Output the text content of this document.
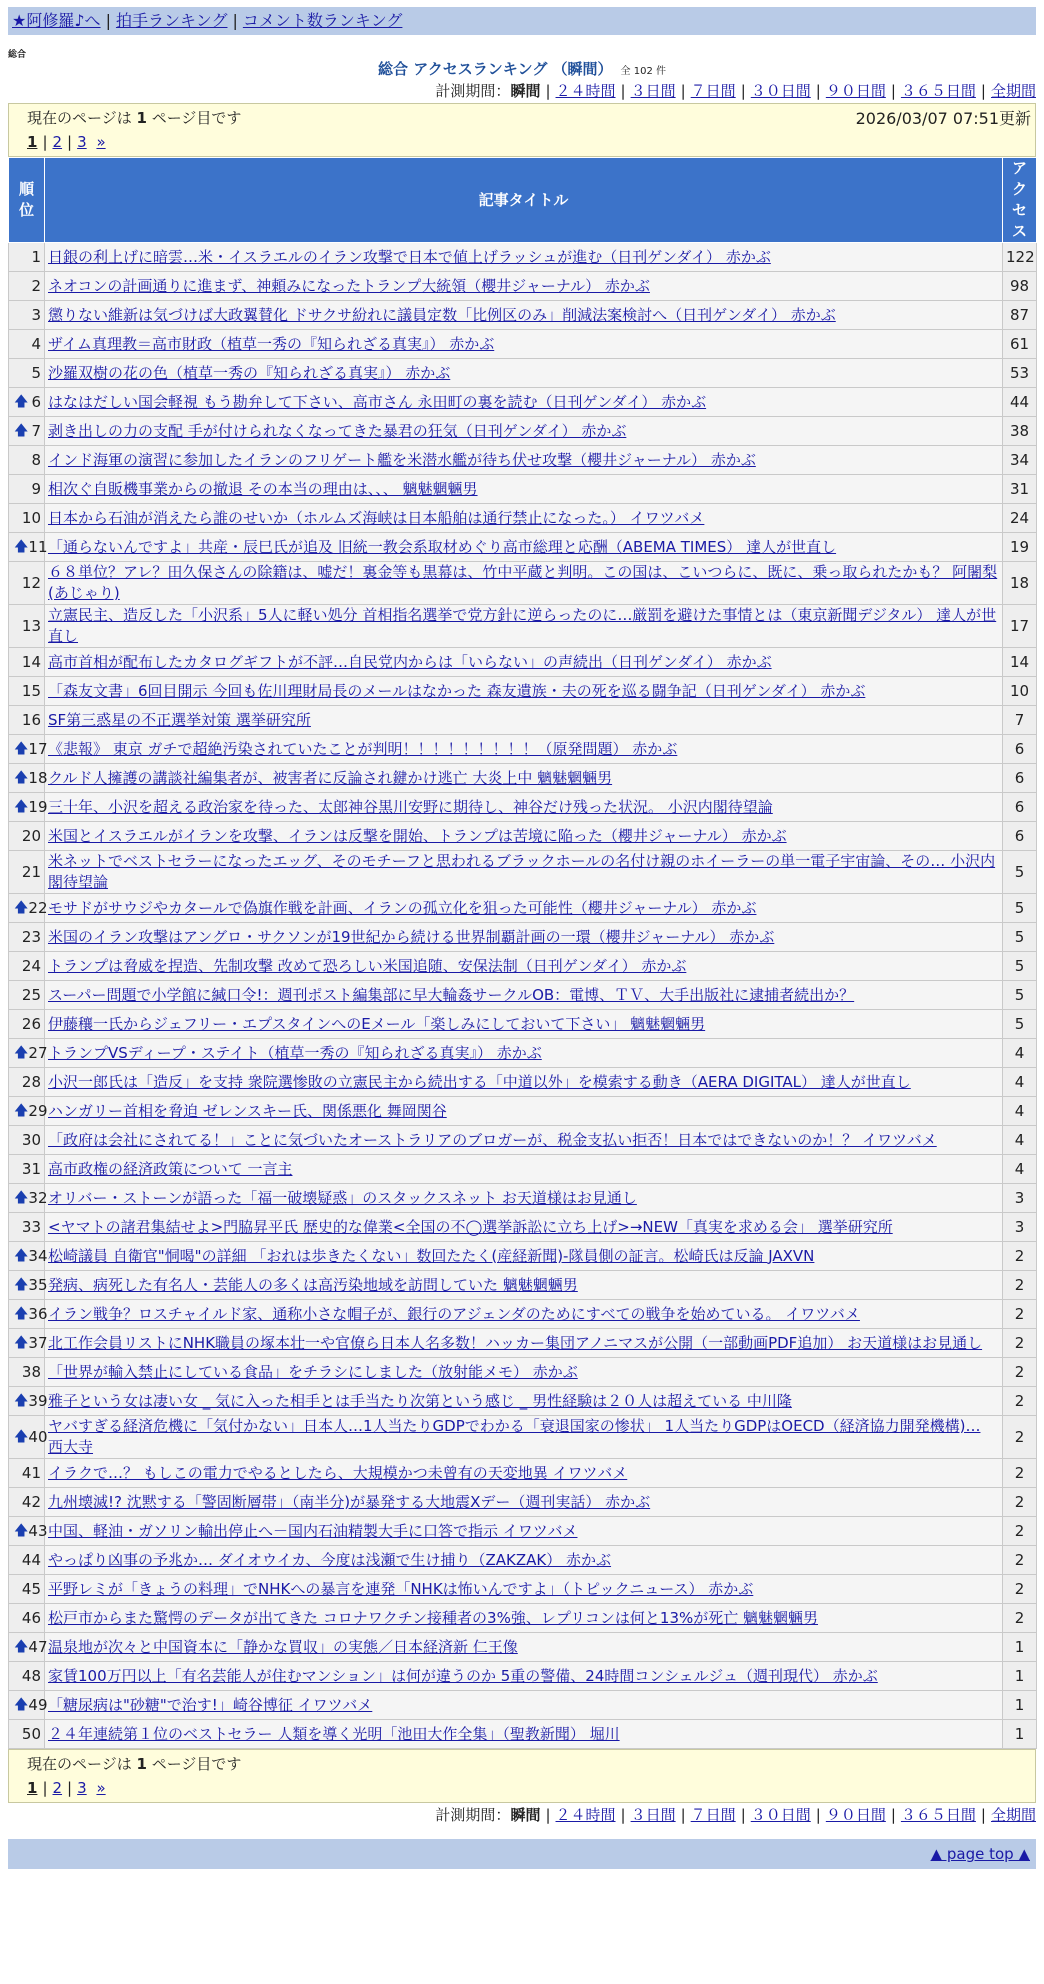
★阿修羅♪へ | 拍手ランキング | コメント数ランキング
総合
総合 アクセスランキング （瞬間） 全 102 件
計測期間：瞬間 | ２４時間 | ３日間 | ７日間 | ３０日間 | ９０日間 | ３６５日間 | 全期間
現在のページは 1 ページ目です	2026/03/07 07:51更新
1 | 2 | 3 »
順位	記事タイトル	アクセス
1	日銀の利上げに暗雲…米・イスラエルのイラン攻撃で日本で値上げラッシュが進む（日刊ゲンダイ） 赤かぶ	122
2	ネオコンの計画通りに進まず、神頼みになったトランプ大統領（櫻井ジャーナル） 赤かぶ	98
3	懲りない維新は気づけば大政翼賛化 ドサクサ紛れに議員定数「比例区のみ」削減法案検討へ（日刊ゲンダイ） 赤かぶ	87
4	ザイム真理教＝高市財政（植草一秀の『知られざる真実』） 赤かぶ	61
5	沙羅双樹の花の色（植草一秀の『知られざる真実』） 赤かぶ	53

🡅 6	はなはだしい国会軽視 もう勘弁して下さい、高市さん 永田町の裏を読む（日刊ゲンダイ） 赤かぶ	44

🡅 7	剥き出しの力の支配 手が付けられなくなってきた暴君の狂気（日刊ゲンダイ） 赤かぶ	38
8	インド海軍の演習に参加したイランのフリゲート艦を米潜水艦が待ち伏せ攻撃（櫻井ジャーナル） 赤かぶ	34
9	相次ぐ自販機事業からの撤退 その本当の理由は、、、 魑魅魍魎男	31
10	日本から石油が消えたら誰のせいか（ホルムズ海峡は日本船舶は通行禁止になった。） イワツバメ	24

🡅 11	「通らないんですよ」共産・辰巳氏が追及 旧統一教会系取材めぐり高市総理と応酬（ABEMA TIMES） 達人が世直し	19
12	６８単位？アレ？田久保さんの除籍は、嘘だ！裏金等も黒幕は、竹中平蔵と判明。この国は、こいつらに、既に、乗っ取られたかも？ 阿闍梨(あじゃり)	18
13	立憲民主、造反した「小沢系」5人に軽い処分 首相指名選挙で党方針に逆らったのに…厳罰を避けた事情とは（東京新聞デジタル） 達人が世直し	17
14	高市首相が配布したカタログギフトが不評…自民党内からは「いらない」の声続出（日刊ゲンダイ） 赤かぶ	14
15	「森友文書」6回目開示 今回も佐川理財局長のメールはなかった 森友遺族・夫の死を巡る闘争記（日刊ゲンダイ） 赤かぶ	10
16	SF第三惑星の不正選挙対策 選挙研究所	7

🡅 17	《悲報》 東京 ガチで超絶汚染されていたことが判明！！！！！！！！！（原発問題） 赤かぶ	6

🡅 18	クルド人擁護の講談社編集者が、被害者に反論され鍵かけ逃亡 大炎上中 魑魅魍魎男	6

🡅 19	三十年、小沢を超える政治家を待った、太郎神谷黒川安野に期待し、神谷だけ残った状況。 小沢内閣待望論	6
20	米国とイスラエルがイランを攻撃、イランは反撃を開始、トランプは苦境に陥った（櫻井ジャーナル） 赤かぶ	6
21	米ネットでベストセラーになったエッグ、そのモチーフと思われるブラックホールの名付け親のホイーラーの単一電子宇宙論、その… 小沢内閣待望論	5

🡅 22	モサドがサウジやカタールで偽旗作戦を計画、イランの孤立化を狙った可能性（櫻井ジャーナル） 赤かぶ	5
23	米国のイラン攻撃はアングロ・サクソンが19世紀から続ける世界制覇計画の一環（櫻井ジャーナル） 赤かぶ	5
24	トランプは脅威を捏造、先制攻撃 改めて恐ろしい米国追随、安保法制（日刊ゲンダイ） 赤かぶ	5
25	スーパー問題で小学館に緘口令!：週刊ポスト編集部に早大輪姦サークルOB：電博、ＴＶ、大手出版社に逮捕者続出か？	5
26	伊藤穰一氏からジェフリー・エプスタインへのEメール「楽しみにしておいて下さい」 魑魅魍魎男	5

🡅 27	トランプVSディープ・ステイト（植草一秀の『知られざる真実』） 赤かぶ	4
28	小沢一郎氏は「造反」を支持 衆院選惨敗の立憲民主から続出する「中道以外」を模索する動き（AERA DIGITAL） 達人が世直し	4

🡅 29	ハンガリー首相を脅迫 ゼレンスキー氏、関係悪化 舞岡関谷	4
30	「政府は会社にされてる！」ことに気づいたオーストラリアのブロガーが、税金支払い拒否！日本ではできないのか！？ イワツバメ	4
31	高市政権の経済政策について 一言主	4

🡅 32	オリバー・ストーンが語った「福一破壊疑惑」のスタックスネット お天道様はお見通し	3
33	<ヤマトの諸君集結せよ>門脇昇平氏 歴史的な偉業<全国の不◯選挙訴訟に立ち上げ>→NEW「真実を求める会」 選挙研究所	3

🡅 34	松崎議員 自衛官"恫喝"の詳細 「おれは歩きたくない」数回たたく(産経新聞)-隊員側の証言。松崎氏は反論 JAXVN	2

🡅 35	発病、病死した有名人・芸能人の多くは高汚染地域を訪問していた 魑魅魍魎男	2

🡅 36	イラン戦争？ロスチャイルド家、通称小さな帽子が、銀行のアジェンダのためにすべての戦争を始めている。 イワツバメ	2

🡅 37	北工作会員リストにNHK職員の塚本壮一や官僚ら日本人名多数！ハッカー集団アノニマスが公開（一部動画PDF追加） お天道様はお見通し	2
38	「世界が輸入禁止にしている食品」をチラシにしました（放射能メモ） 赤かぶ	2

🡅 39	雅子という女は凄い女 _ 気に入った相手とは手当たり次第という感じ _ 男性経験は２０人は超えている 中川隆	2

🡅 40	ヤバすぎる経済危機に「気付かない」日本人…1人当たりGDPでわかる「衰退国家の惨状」 1人当たりGDPはOECD（経済協力開発機構)… 西大寺	2
41	イラクで…？ もしこの電力でやるとしたら、大規模かつ未曾有の天変地異 イワツバメ	2
42	九州壊滅!? 沈黙する「警固断層帯」（南半分)が暴発する大地震Xデー（週刊実話） 赤かぶ	2

🡅 43	中国、軽油・ガソリン輸出停止へ－国内石油精製大手に口答で指示 イワツバメ	2
44	やっぱり凶事の予兆か… ダイオウイカ、今度は浅瀬で生け捕り（ZAKZAK） 赤かぶ	2
45	平野レミが「きょうの料理」でNHKへの暴言を連発「NHKは怖いんですよ」（トピックニュース） 赤かぶ	2
46	松戸市からまた驚愕のデータが出てきた コロナワクチン接種者の3%強、レプリコンは何と13%が死亡 魑魅魍魎男	2

🡅 47	温泉地が次々と中国資本に「静かな買収」の実態／日本経済新 仁王像	1
48	家賃100万円以上「有名芸能人が住むマンション」は何が違うのか 5重の警備、24時間コンシェルジュ（週刊現代） 赤かぶ	1

🡅 49	「糖尿病は"砂糖"で治す!」崎谷博征 イワツバメ	1
50	２４年連続第１位のベストセラー 人類を導く光明「池田大作全集」（聖教新聞） 堀川	1
現在のページは 1 ページ目です
1 | 2 | 3 »
計測期間：瞬間 | ２４時間 | ３日間 | ７日間 | ３０日間 | ９０日間 | ３６５日間 | 全期間
▲ page top ▲
